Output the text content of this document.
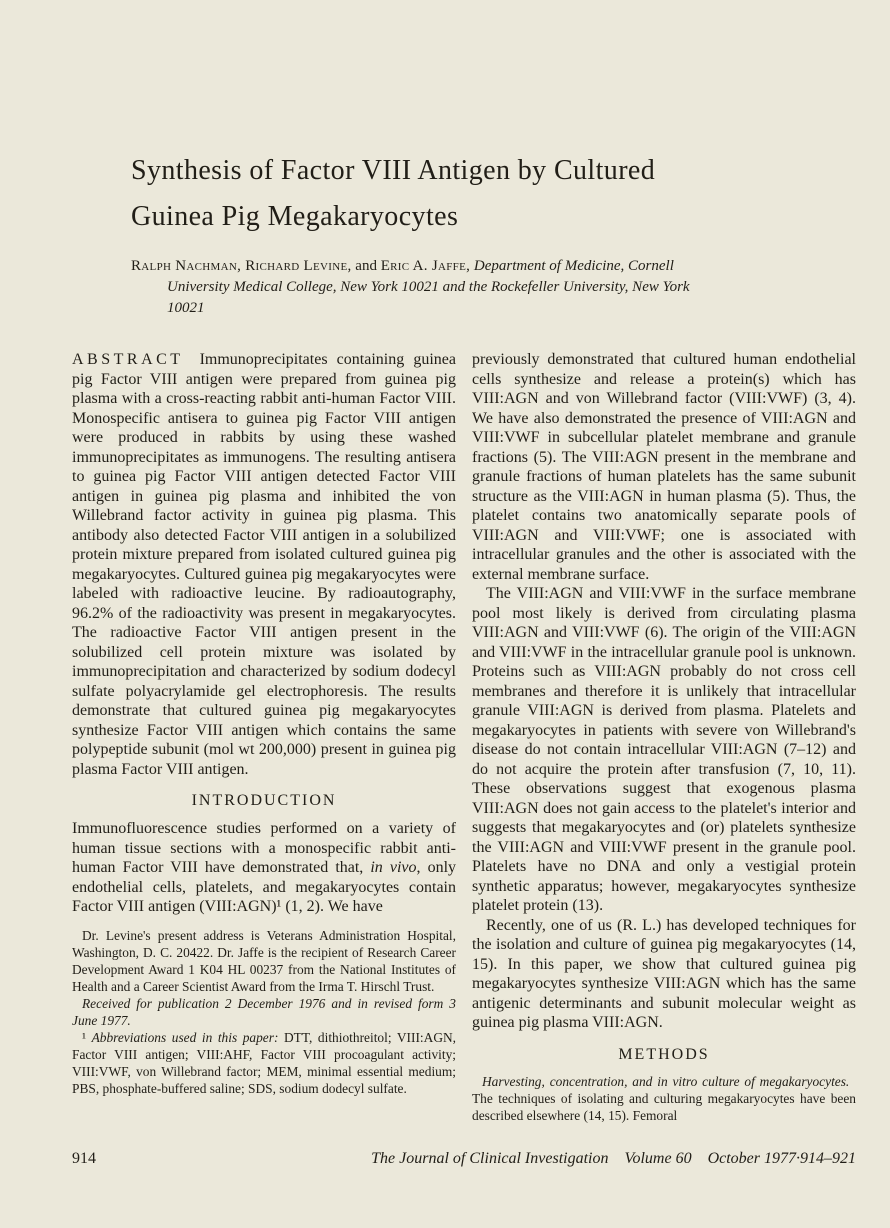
Synthesis of Factor VIII Antigen by Cultured
Guinea Pig Megakaryocytes

Ralph Nachman, Richard Levine, and Eric A. Jaffe, Department of Medicine, Cornell University Medical College, New York 10021 and the Rockefeller University, New York 10021

ABSTRACT  Immunoprecipitates containing guinea pig Factor VIII antigen were prepared from guinea pig plasma with a cross-reacting rabbit anti-human Factor VIII. Monospecific antisera to guinea pig Factor VIII antigen were produced in rabbits by using these washed immunoprecipitates as immunogens. The resulting antisera to guinea pig Factor VIII antigen detected Factor VIII antigen in guinea pig plasma and inhibited the von Willebrand factor activity in guinea pig plasma. This antibody also detected Factor VIII antigen in a solubilized protein mixture prepared from isolated cultured guinea pig megakaryocytes. Cultured guinea pig megakaryocytes were labeled with radioactive leucine. By radioautography, 96.2% of the radioactivity was present in megakaryocytes. The radioactive Factor VIII antigen present in the solubilized cell protein mixture was isolated by immunoprecipitation and characterized by sodium dodecyl sulfate polyacrylamide gel electrophoresis. The results demonstrate that cultured guinea pig megakaryocytes synthesize Factor VIII antigen which contains the same polypeptide subunit (mol wt 200,000) present in guinea pig plasma Factor VIII antigen.

INTRODUCTION

Immunofluorescence studies performed on a variety of human tissue sections with a monospecific rabbit anti-human Factor VIII have demonstrated that, in vivo, only endothelial cells, platelets, and megakaryocytes contain Factor VIII antigen (VIII:AGN)¹ (1, 2). We have

Dr. Levine's present address is Veterans Administration Hospital, Washington, D. C. 20422. Dr. Jaffe is the recipient of Research Career Development Award 1 K04 HL 00237 from the National Institutes of Health and a Career Scientist Award from the Irma T. Hirschl Trust.

Received for publication 2 December 1976 and in revised form 3 June 1977.

¹ Abbreviations used in this paper: DTT, dithiothreitol; VIII:AGN, Factor VIII antigen; VIII:AHF, Factor VIII procoagulant activity; VIII:VWF, von Willebrand factor; MEM, minimal essential medium; PBS, phosphate-buffered saline; SDS, sodium dodecyl sulfate.

previously demonstrated that cultured human endothelial cells synthesize and release a protein(s) which has VIII:AGN and von Willebrand factor (VIII:VWF) (3, 4). We have also demonstrated the presence of VIII:AGN and VIII:VWF in subcellular platelet membrane and granule fractions (5). The VIII:AGN present in the membrane and granule fractions of human platelets has the same subunit structure as the VIII:AGN in human plasma (5). Thus, the platelet contains two anatomically separate pools of VIII:AGN and VIII:VWF; one is associated with intracellular granules and the other is associated with the external membrane surface.

The VIII:AGN and VIII:VWF in the surface membrane pool most likely is derived from circulating plasma VIII:AGN and VIII:VWF (6). The origin of the VIII:AGN and VIII:VWF in the intracellular granule pool is unknown. Proteins such as VIII:AGN probably do not cross cell membranes and therefore it is unlikely that intracellular granule VIII:AGN is derived from plasma. Platelets and megakaryocytes in patients with severe von Willebrand's disease do not contain intracellular VIII:AGN (7–12) and do not acquire the protein after transfusion (7, 10, 11). These observations suggest that exogenous plasma VIII:AGN does not gain access to the platelet's interior and suggests that megakaryocytes and (or) platelets synthesize the VIII:AGN and VIII:VWF present in the granule pool. Platelets have no DNA and only a vestigial protein synthetic apparatus; however, megakaryocytes synthesize platelet protein (13).

Recently, one of us (R. L.) has developed techniques for the isolation and culture of guinea pig megakaryocytes (14, 15). In this paper, we show that cultured guinea pig megakaryocytes synthesize VIII:AGN which has the same antigenic determinants and subunit molecular weight as guinea pig plasma VIII:AGN.

METHODS

Harvesting, concentration, and in vitro culture of megakaryocytes. The techniques of isolating and culturing megakaryocytes have been described elsewhere (14, 15). Femoral

914	The Journal of Clinical Investigation Volume 60 October 1977·914–921
